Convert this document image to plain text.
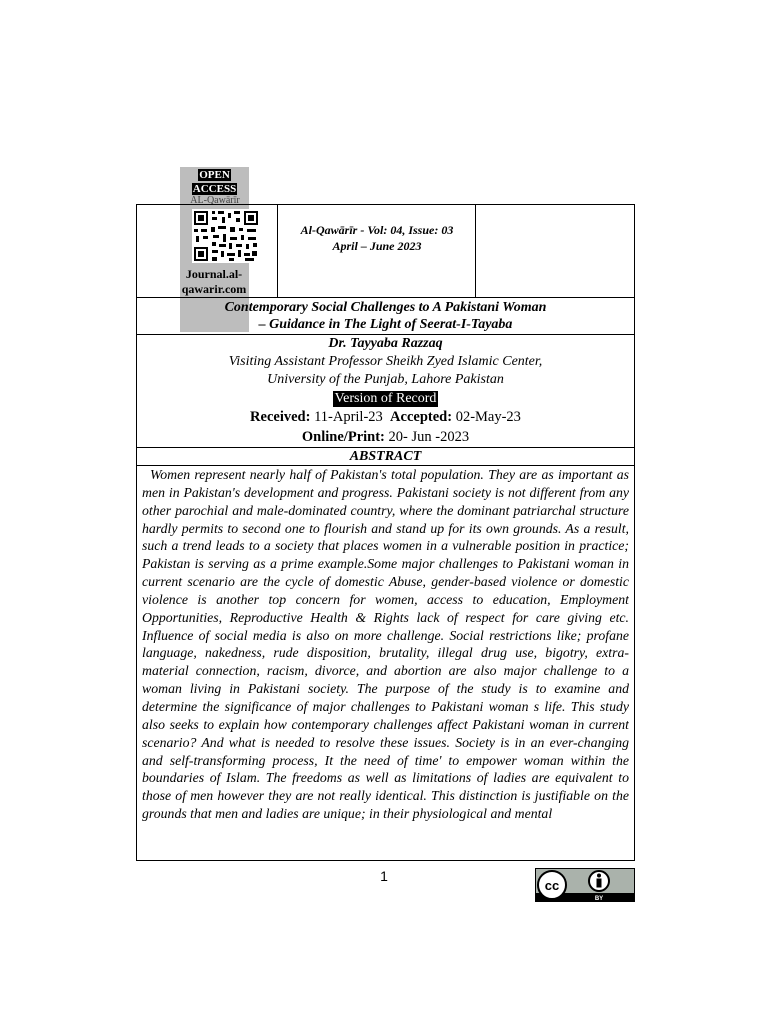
OPEN
ACCESS
AL-Qawārīr
Journal.al-qawarir.com
Al-Qawārīr - Vol: 04, Issue: 03
April – June 2023
Contemporary Social Challenges to A Pakistani Woman
– Guidance in The Light of Seerat-I-Tayaba
Dr. Tayyaba Razzaq
Visiting Assistant Professor Sheikh Zyed Islamic Center,
University of the Punjab, Lahore Pakistan
Version of Record
Received: 11-April-23 Accepted: 02-May-23
Online/Print: 20- Jun -2023
ABSTRACT

Women represent nearly half of Pakistan's total population. They are as important as men in Pakistan's development and progress. Pakistani society is not different from any other parochial and male-dominated country, where the dominant patriarchal structure hardly permits to second one to flourish and stand up for its own grounds. As a result, such a trend leads to a society that places women in a vulnerable position in practice; Pakistan is serving as a prime example.Some major challenges to Pakistani woman in current scenario are the cycle of domestic Abuse, gender-based violence or domestic violence is another top concern for women, access to education, Employment Opportunities, Reproductive Health & Rights lack of respect for care giving etc. Influence of social media is also on more challenge. Social restrictions like; profane language, nakedness, rude disposition, brutality, illegal drug use, bigotry, extra-material connection, racism, divorce, and abortion are also major challenge to a woman living in Pakistani society. The purpose of the study is to examine and determine the significance of major challenges to Pakistani woman s life. This study also seeks to explain how contemporary challenges affect Pakistani woman in current scenario? And what is needed to resolve these issues. Society is in an ever-changing and self-transforming process, It the need of time' to empower woman within the boundaries of Islam. The freedoms as well as limitations of ladies are equivalent to those of men however they are not really identical. This distinction is justifiable on the grounds that men and ladies are unique; in their physiological and mental

1
cc
BY
